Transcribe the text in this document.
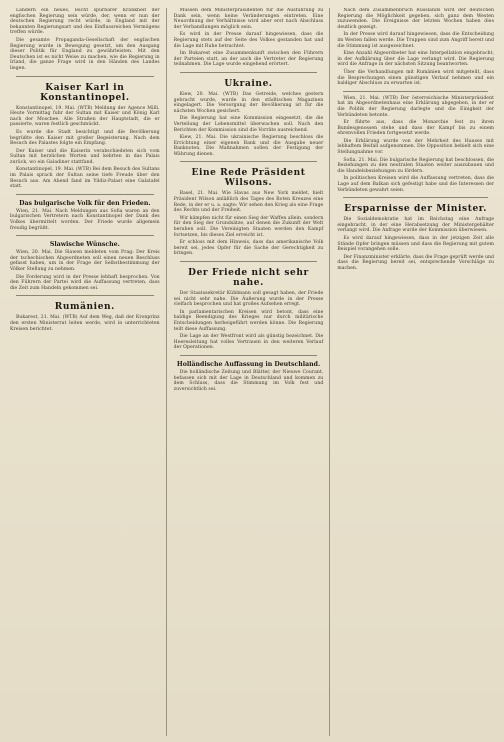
Ländern ein neues, leicht spürbarer Krankheit der englischen Regierung sein würde, der, wenn er nun der deutschen Regierung recht würde, in England mit der bekannten Regierungsart und des Einflussreichen Vermögens treffen würde.

Die gesamte Propaganda-Gesellschaft der englischen Regierung wurde in Bewegung gesetzt, um den Ausgang dieser Politik für England zu gewährleisten. Mit den Deutschen ist es nicht Weise zu machen, wie die Regierung in Irland, die ganze Frage wird in den Händen des Landes liegen.

Kaiser Karl in Konstantinopel.

Konstantinopel, 19. Mai. (WTB) Meldung der Agence Milli. Heute Vormittag fuhr der Sultan mit Kaiser und König Karl nach der Moschee. Alle Straßen der Hauptstadt, die er passierte, waren festlich geschmückt.

Es wurde die Stadt besichtigt und die Bevölkerung begrüßte den Kaiser mit großer Begeisterung. Nach dem Besuch des Palastes folgte ein Empfang.

Der Kaiser und die Kaiserin verabschiedeten sich vom Sultan mit herzlichen Worten und kehrten in das Palais zurück, wo ein Galadiner stattfand.

Konstantinopel, 19. Mai. (WTB) Bei dem Besuch des Sultans im Palais sprach der Sultan seine tiefe Freude über den Besuch aus. Am Abend fand im Yildiz-Palast eine Galatafel statt.

Das bulgarische Volk für den Frieden.

Wien, 21. Mai. Nach Meldungen aus Sofia waren an den bulgarischen Vertretern nach Konstantinopel der Dank des Volkes übermittelt worden. Der Friede wurde allgemein freudig begrüßt.

Slawische Wünsche.

Wien, 20. Mai. Die Slawen meldeten vom Prag: Der Kreis der tschechischen Abgeordneten soll einen neuen Beschluss gefasst haben, um in der Frage der Selbstbestimmung der Völker Stellung zu nehmen.

Die Forderung wird in der Presse lebhaft besprochen. Von den Führern der Partei wird die Auffassung vertreten, dass die Zeit zum Handeln gekommen sei.

Rumänien.

Bukarest, 21. Mai. (WTB) Auf dem Weg, daß der Kronprinz den ersten Ministerrat leiten werde, wird in unterrichteten Kreisen berichtet.

Müssen dem Ministerpräsidenten für die Ausführung zu Dank sein, wenn keine Veränderungen eintreten. Eine Neuordnung der Verhältnisse wird aber erst nach Abschluss der Verhandlungen möglich sein.

Es wird in der Presse darauf hingewiesen, dass die Regierung stets auf der Seite des Volkes gestanden hat und die Lage mit Ruhe betrachtet.

Im Bukarest eine Zusammenkunft zwischen den Führern der Parteien statt, an der auch die Vertreter der Regierung teilnahmen. Die Lage wurde eingehend erörtert.

Ukraine.

Kiew, 20. Mai. (WTB) Das Getreide, welches gestern gebracht wurde, wurde in den städtischen Magazinen eingelagert. Die Versorgung der Bevölkerung ist für die nächsten Wochen gesichert.

Die Regierung hat eine Kommission eingesetzt, die die Verteilung der Lebensmittel überwachen soll. Nach den Berichten der Kommission sind die Vorräte ausreichend.

Kiew, 21. Mai. Die ukrainische Regierung beschloss die Errichtung einer eigenen Bank und die Ausgabe neuer Banknoten. Die Maßnahmen sollen der Festigung der Währung dienen.

Eine Rede Präsident Wilsons.

Basel, 21. Mai. Wie Havas aus New York meldet, hielt Präsident Wilson anläßlich des Tages des Roten Kreuzes eine Rede, in der er u. a. sagte: Wir sehen den Krieg als eine Frage des Rechts und der Freiheit.

Wir kämpfen nicht für einen Sieg der Waffen allein, sondern für den Sieg der Grundsätze, auf denen die Zukunft der Welt beruhen soll. Die Vereinigten Staaten werden den Kampf fortsetzen, bis dieses Ziel erreicht ist.

Er schloss mit dem Hinweis, dass das amerikanische Volk bereit sei, jedes Opfer für die Sache der Gerechtigkeit zu bringen.

Der Friede nicht sehr nahe.

Der Staatssekretär Kühlmann soll gesagt haben, der Friede sei nicht sehr nahe. Die Äußerung wurde in der Presse vielfach besprochen und hat großes Aufsehen erregt.

In parlamentarischen Kreisen wird betont, dass eine baldige Beendigung des Krieges nur durch militärische Entscheidungen herbeigeführt werden könne. Die Regierung teilt diese Auffassung.

Die Lage an der Westfront wird als günstig bezeichnet. Die Heeresleitung hat volles Vertrauen in den weiteren Verlauf der Operationen.

Holländische Auffassung in Deutschland.

Die holländische Zeitung und Blätter, der Nieuwe Courant, befassen sich mit der Lage in Deutschland und kommen zu dem Schluss, dass die Stimmung im Volk fest und zuversichtlich sei.

Nach dem Zusammenbruch Russlands wird der deutschen Regierung die Möglichkeit gegeben, sich ganz dem Westen zuzuwenden. Die Ereignisse der letzten Wochen haben dies deutlich gezeigt.

In der Presse wird darauf hingewiesen, dass die Entscheidung im Westen fallen werde. Die Truppen sind zum Angriff bereit und die Stimmung ist ausgezeichnet.

Eine Anzahl Abgeordneter hat eine Interpellation eingebracht, in der Aufklärung über die Lage verlangt wird. Die Regierung wird die Anfrage in der nächsten Sitzung beantworten.

Über die Verhandlungen mit Rumänien wird mitgeteilt, dass die Besprechungen einen günstigen Verlauf nehmen und ein baldiger Abschluss zu erwarten ist.

Wien, 21. Mai. (WTB) Der österreichische Ministerpräsident hat im Abgeordnetenhaus eine Erklärung abgegeben, in der er die Politik der Regierung darlegte und die Einigkeit der Verbündeten betonte.

Er führte aus, dass die Monarchie fest zu ihren Bundesgenossen stehe und dass der Kampf bis zu einem ehrenvollen Frieden fortgesetzt werde.

Die Erklärung wurde von der Mehrheit des Hauses mit lebhaftem Beifall aufgenommen. Die Opposition behielt sich eine Stellungnahme vor.

Sofia, 21. Mai. Die bulgarische Regierung hat beschlossen, die Beziehungen zu den neutralen Staaten weiter auszubauen und die Handelsbeziehungen zu fördern.

In politischen Kreisen wird die Auffassung vertreten, dass die Lage auf dem Balkan sich gefestigt habe und die Interessen der Verbündeten gewahrt seien.

Ersparnisse der Minister.

Die Sozialdemokratie hat im Reichstag eine Anfrage eingebracht, in der eine Herabsetzung der Ministergehälter verlangt wird. Die Anfrage wurde der Kommission überwiesen.

Es wird darauf hingewiesen, dass in der jetzigen Zeit alle Stände Opfer bringen müssen und dass die Regierung mit gutem Beispiel vorangehen solle.

Der Finanzminister erklärte, dass die Frage geprüft werde und dass die Regierung bereit sei, entsprechende Vorschläge zu machen.
